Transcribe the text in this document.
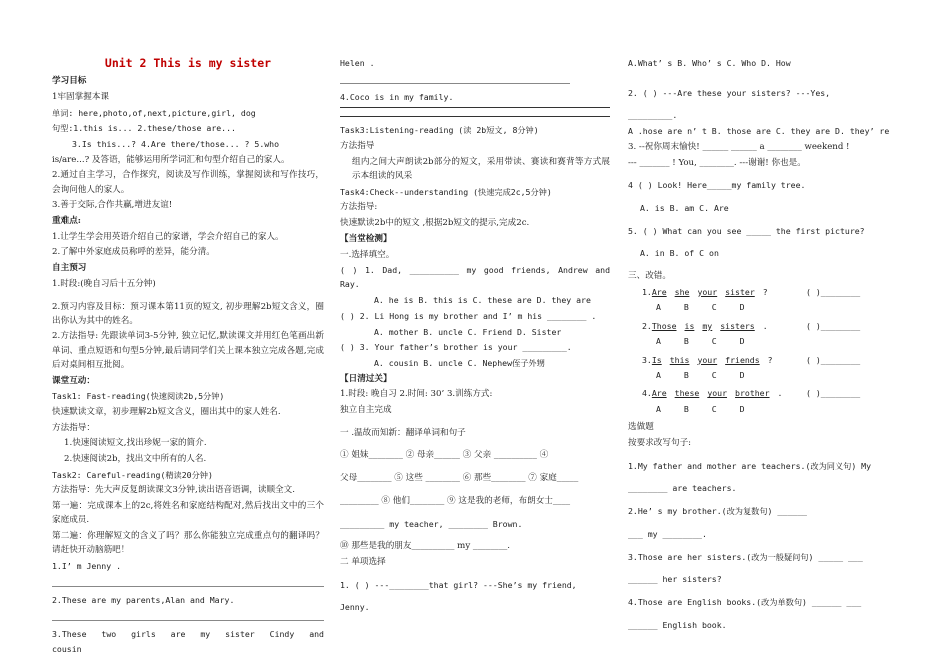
Unit 2 This is my sister
学习目标
1牢固掌握本课
单词: here,photo,of,next,picture,girl, dog
句型:1.this is... 2.these/those are...
3.Is this...? 4.Are there/those... ? 5.who
is/are...? 及答语，能够运用所学词汇和句型介绍自己的家人。
2.通过自主学习，合作探究，阅读及写作训练，掌握阅读和写作技巧，会询问他人的家人。
3.善于交际,合作共赢,增进友谊!
重难点:
1.让学生学会用英语介绍自己的家谱，学会介绍自己的家人。
2.了解中外家庭成员称呼的差异，能分清。
自主预习
1.时段:(晚自习后十五分钟)
2.预习内容及目标：预习课本第11页的短文, 初步理解2b短文含义，圈出你认为其中的姓名。
2.方法指导: 先跟读单词3-5分钟, 独立记忆,默读课文并用红色笔画出新单词、重点短语和句型5分钟,最后请同学们关上课本独立完成各题,完成后对桌间相互批阅。
课堂互动：
Task1: Fast-reading(快速阅读2b,5分钟)
快速默读文章，初步理解2b短文含义，圈出其中的家人姓名.
方法指导：
1.快速阅读短文,找出珍妮一家的简介.
2.快速阅读2b，找出文中所有的人名.
Task2: Careful-reading(精读20分钟)
方法指导：先大声反复朗读课文3分钟,读出语音语调，读顺全文.
第一遍：完成课本上的2c,将姓名和家庭结构配对,然后找出文中的三个家庭成员.
第二遍：你理解短文的含义了吗？那么你能独立完成重点句的翻译吗？请赶快开动脑筋吧！
1.I’ m Jenny .
2.These are my parents,Alan and Mary.
3.These two girls are my sister Cindy and cousin
Helen .
4.Coco is in my family.
Task3:Listening-reading (读 2b短文, 8分钟)
方法指导
组内之间大声朗读2b部分的短文，采用带读、赛读和赛背等方式展示本组读的风采
Task4:Check--understanding (快速完成2c,5分钟)
方法指导:
快速默读2b中的短文 ,根据2b短文的提示,完成2c.
【当堂检测】
一.选择填空。
( ) 1. Dad, __________ my good friends, Andrew and Ray.
A. he is B. this is C. these are D. they are
( ) 2. Li Hong is my brother and I’ m his ________ .
A. mother B. uncle C. Friend D. Sister
( ) 3. Your father’s brother is your _________.
A. cousin B. uncle C. Nephew侄子外甥
【日清过关】
1.时段: 晚自习 2.时间: 30’ 3.训练方式:
独立自主完成
一 .温故而知新：翻译单词和句子
① 姐妹________ ② 母亲______ ③ 父亲 __________ ④
父母________ ⑤ 这些 ________ ⑥ 那些________ ⑦ 家庭_____
_________ ⑧ 他们________ ⑨ 这是我的老师，布朗女士____
_________ my teacher, ________ Brown.
⑩ 那些是我的朋友__________ my ________.
二 单项选择
1. ( ) ---________that girl? ---She’s my friend,
Jenny.
A.What’ s B. Who’ s C. Who D. How
2. ( ) ---Are these your sisters? ---Yes,
_________.
A .hose are n’ t B. those are C. they are D. they’ re
3. --祝你周末愉快! ______ ______ a ________ weekend !
--- _______ ! You, ________. ---谢谢! 你也是。
4 ( ) Look! Here_____my family tree.
A. is B. am C. Are
5. ( ) What can you see _____ the first picture?
A. in B. of C on
三、改错。
1.Are she your sister ?	( )________
A B C D
2.Those is my sisters .	( )________
A B C D
3.Is this your friends ?	( )________
A B C D
4.Are these your brother .	( )________
A B C D
选做题
按要求改写句子:
1.My father and mother are teachers.(改为同义句) My
________ are teachers.
2.He’ s my brother.(改为复数句) ______
___ my ________.
3.Those are her sisters.(改为一般疑问句) _____ ___
______ her sisters?
4.Those are English books.(改为单数句) ______ ___
______ English book.
